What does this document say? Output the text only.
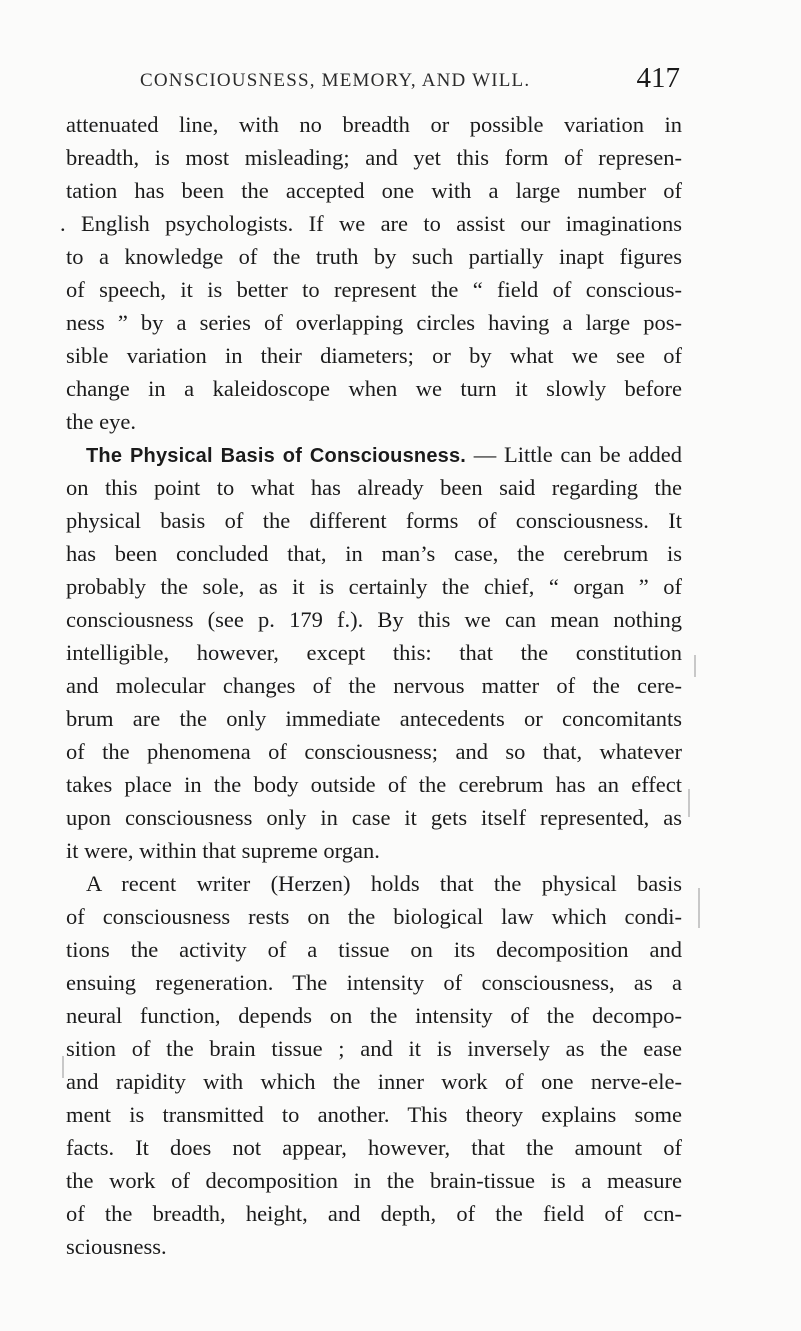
CONSCIOUSNESS, MEMORY, AND WILL.	417
attenuated line, with no breadth or possible variation in
breadth, is most misleading; and yet this form of represen-
tation has been the accepted one with a large number of
. English psychologists. If we are to assist our imaginations
to a knowledge of the truth by such partially inapt figures
of speech, it is better to represent the “ field of conscious-
ness ” by a series of overlapping circles having a large pos-
sible variation in their diameters; or by what we see of
change in a kaleidoscope when we turn it slowly before
the eye.
The Physical Basis of Consciousness. — Little can be added
on this point to what has already been said regarding the
physical basis of the different forms of consciousness. It
has been concluded that, in man’s case, the cerebrum is
probably the sole, as it is certainly the chief, “ organ ” of
consciousness (see p. 179 f.). By this we can mean nothing
intelligible, however, except this: that the constitution
and molecular changes of the nervous matter of the cere-
brum are the only immediate antecedents or concomitants
of the phenomena of consciousness; and so that, whatever
takes place in the body outside of the cerebrum has an effect
upon consciousness only in case it gets itself represented, as
it were, within that supreme organ.
A recent writer (Herzen) holds that the physical basis
of consciousness rests on the biological law which condi-
tions the activity of a tissue on its decomposition and
ensuing regeneration. The intensity of consciousness, as a
neural function, depends on the intensity of the decompo-
sition of the brain tissue ; and it is inversely as the ease
and rapidity with which the inner work of one nerve-ele-
ment is transmitted to another. This theory explains some
facts. It does not appear, however, that the amount of
the work of decomposition in the brain-tissue is a measure
of the breadth, height, and depth, of the field of ccn-
sciousness.
